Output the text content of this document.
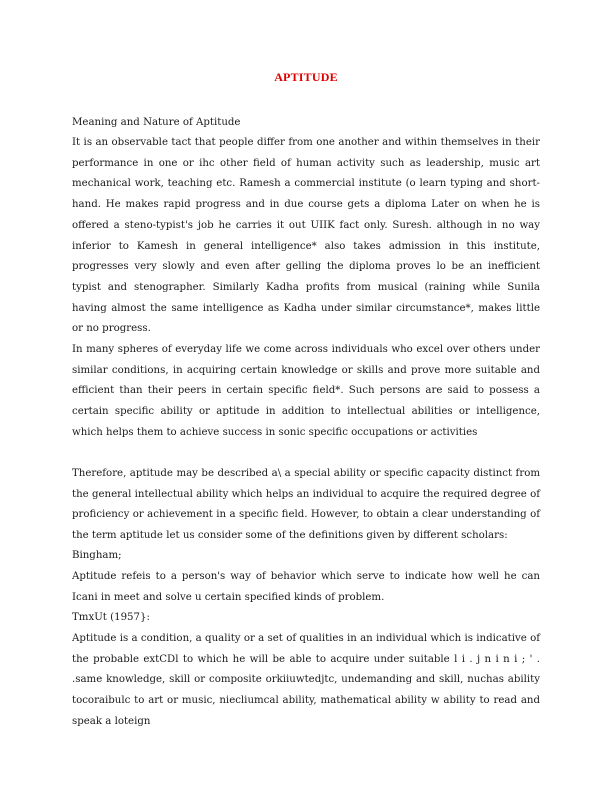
APTITUDE
Meaning and Nature of Aptitude

It is an observable tact that people differ from one another and within themselves in their performance in one or ihc other field of human activity such as leadership, music art mechanical work, teaching etc. Ramesh a commercial institute (o learn typing and short-hand. He makes rapid progress and in due course gets a diploma Later on when he is offered a steno-typist's job he carries it out UIIK fact only. Suresh. although in no way inferior to Kamesh in general intelligence* also takes admission in this institute, progresses very slowly and even after gelling the diploma proves lo be an inefficient typist and stenographer. Similarly Kadha profits from musical (raining while Sunila having almost the same intelligence as Kadha under similar circumstance*, makes little or no progress.

In many spheres of everyday life we come across individuals who excel over others under similar conditions, in acquiring certain knowledge or skills and prove more suitable and efficient than their peers in certain specific field*. Such persons are said to possess a certain specific ability or aptitude in addition to intellectual abilities or intelligence, which helps them to achieve success in sonic specific occupations or activities

Therefore, aptitude may be described a\ a special ability or specific capacity distinct from the general intellectual ability which helps an individual to acquire the required degree of proficiency or achievement in a specific field. However, to obtain a clear understanding of the term aptitude let us consider some of the definitions given by different scholars:

Bingham;

Aptitude refeis to a person's way of behavior which serve to indicate how well he can Icani in meet and solve u certain specified kinds of problem.

TmxUt (1957}:

Aptitude is a condition, a quality or a set of qualities in an individual which is indicative of the probable extCDl to which he will be able to acquire under suitable l i . j n i n i ; ' . .same knowledge, skill or composite orkiiuwtedjtc, undemanding and skill, nuchas ability tocoraibulc to art or music, niecliumcal ability, mathematical ability w ability to read and speak a loteign
